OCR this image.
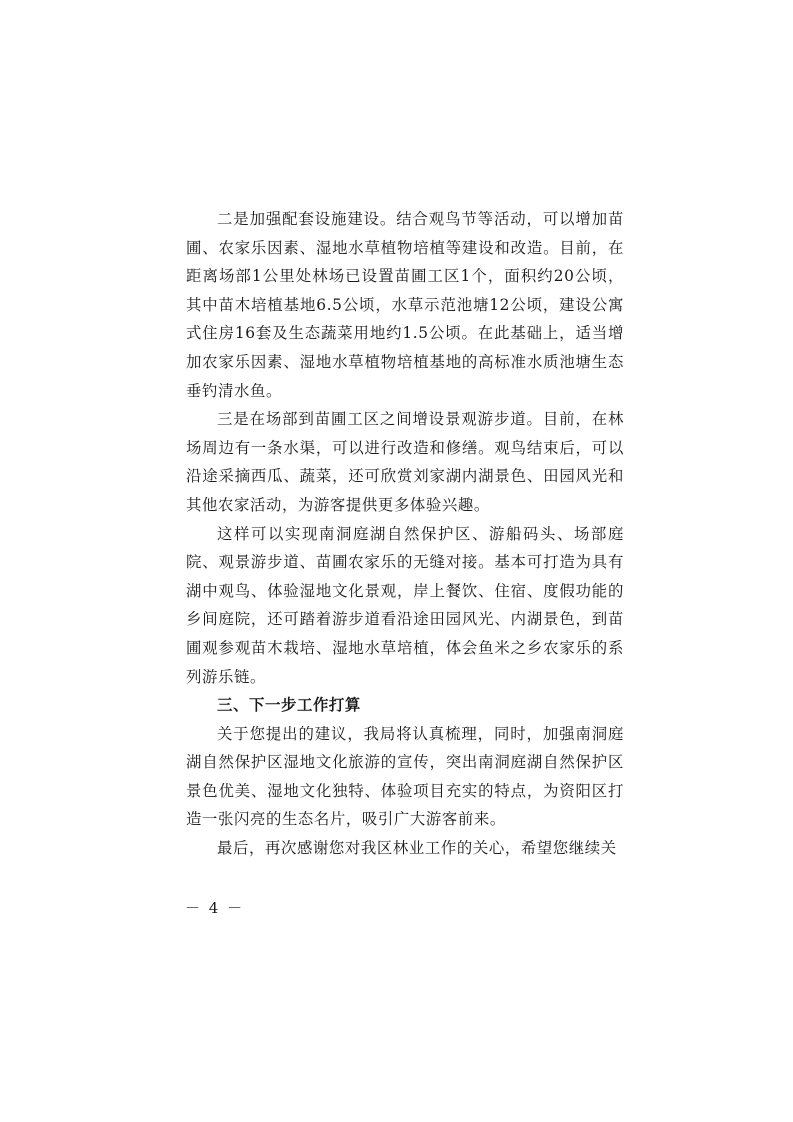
二是加强配套设施建设。结合观鸟节等活动，可以增加苗圃、农家乐因素、湿地水草植物培植等建设和改造。目前，在距离场部1公里处林场已设置苗圃工区1个，面积约20公顷，其中苗木培植基地6.5公顷，水草示范池塘12公顷，建设公寓式住房16套及生态蔬菜用地约1.5公顷。在此基础上，适当增加农家乐因素、湿地水草植物培植基地的高标准水质池塘生态垂钓清水鱼。

三是在场部到苗圃工区之间增设景观游步道。目前，在林场周边有一条水渠，可以进行改造和修缮。观鸟结束后，可以沿途采摘西瓜、蔬菜，还可欣赏刘家湖内湖景色、田园风光和其他农家活动，为游客提供更多体验兴趣。

这样可以实现南洞庭湖自然保护区、游船码头、场部庭院、观景游步道、苗圃农家乐的无缝对接。基本可打造为具有湖中观鸟、体验湿地文化景观，岸上餐饮、住宿、度假功能的乡间庭院，还可踏着游步道看沿途田园风光、内湖景色，到苗圃观参观苗木栽培、湿地水草培植，体会鱼米之乡农家乐的系列游乐链。

三、下一步工作打算

关于您提出的建议，我局将认真梳理，同时，加强南洞庭湖自然保护区湿地文化旅游的宣传，突出南洞庭湖自然保护区景色优美、湿地文化独特、体验项目充实的特点，为资阳区打造一张闪亮的生态名片，吸引广大游客前来。

最后，再次感谢您对我区林业工作的关心，希望您继续关

－ 4 －
